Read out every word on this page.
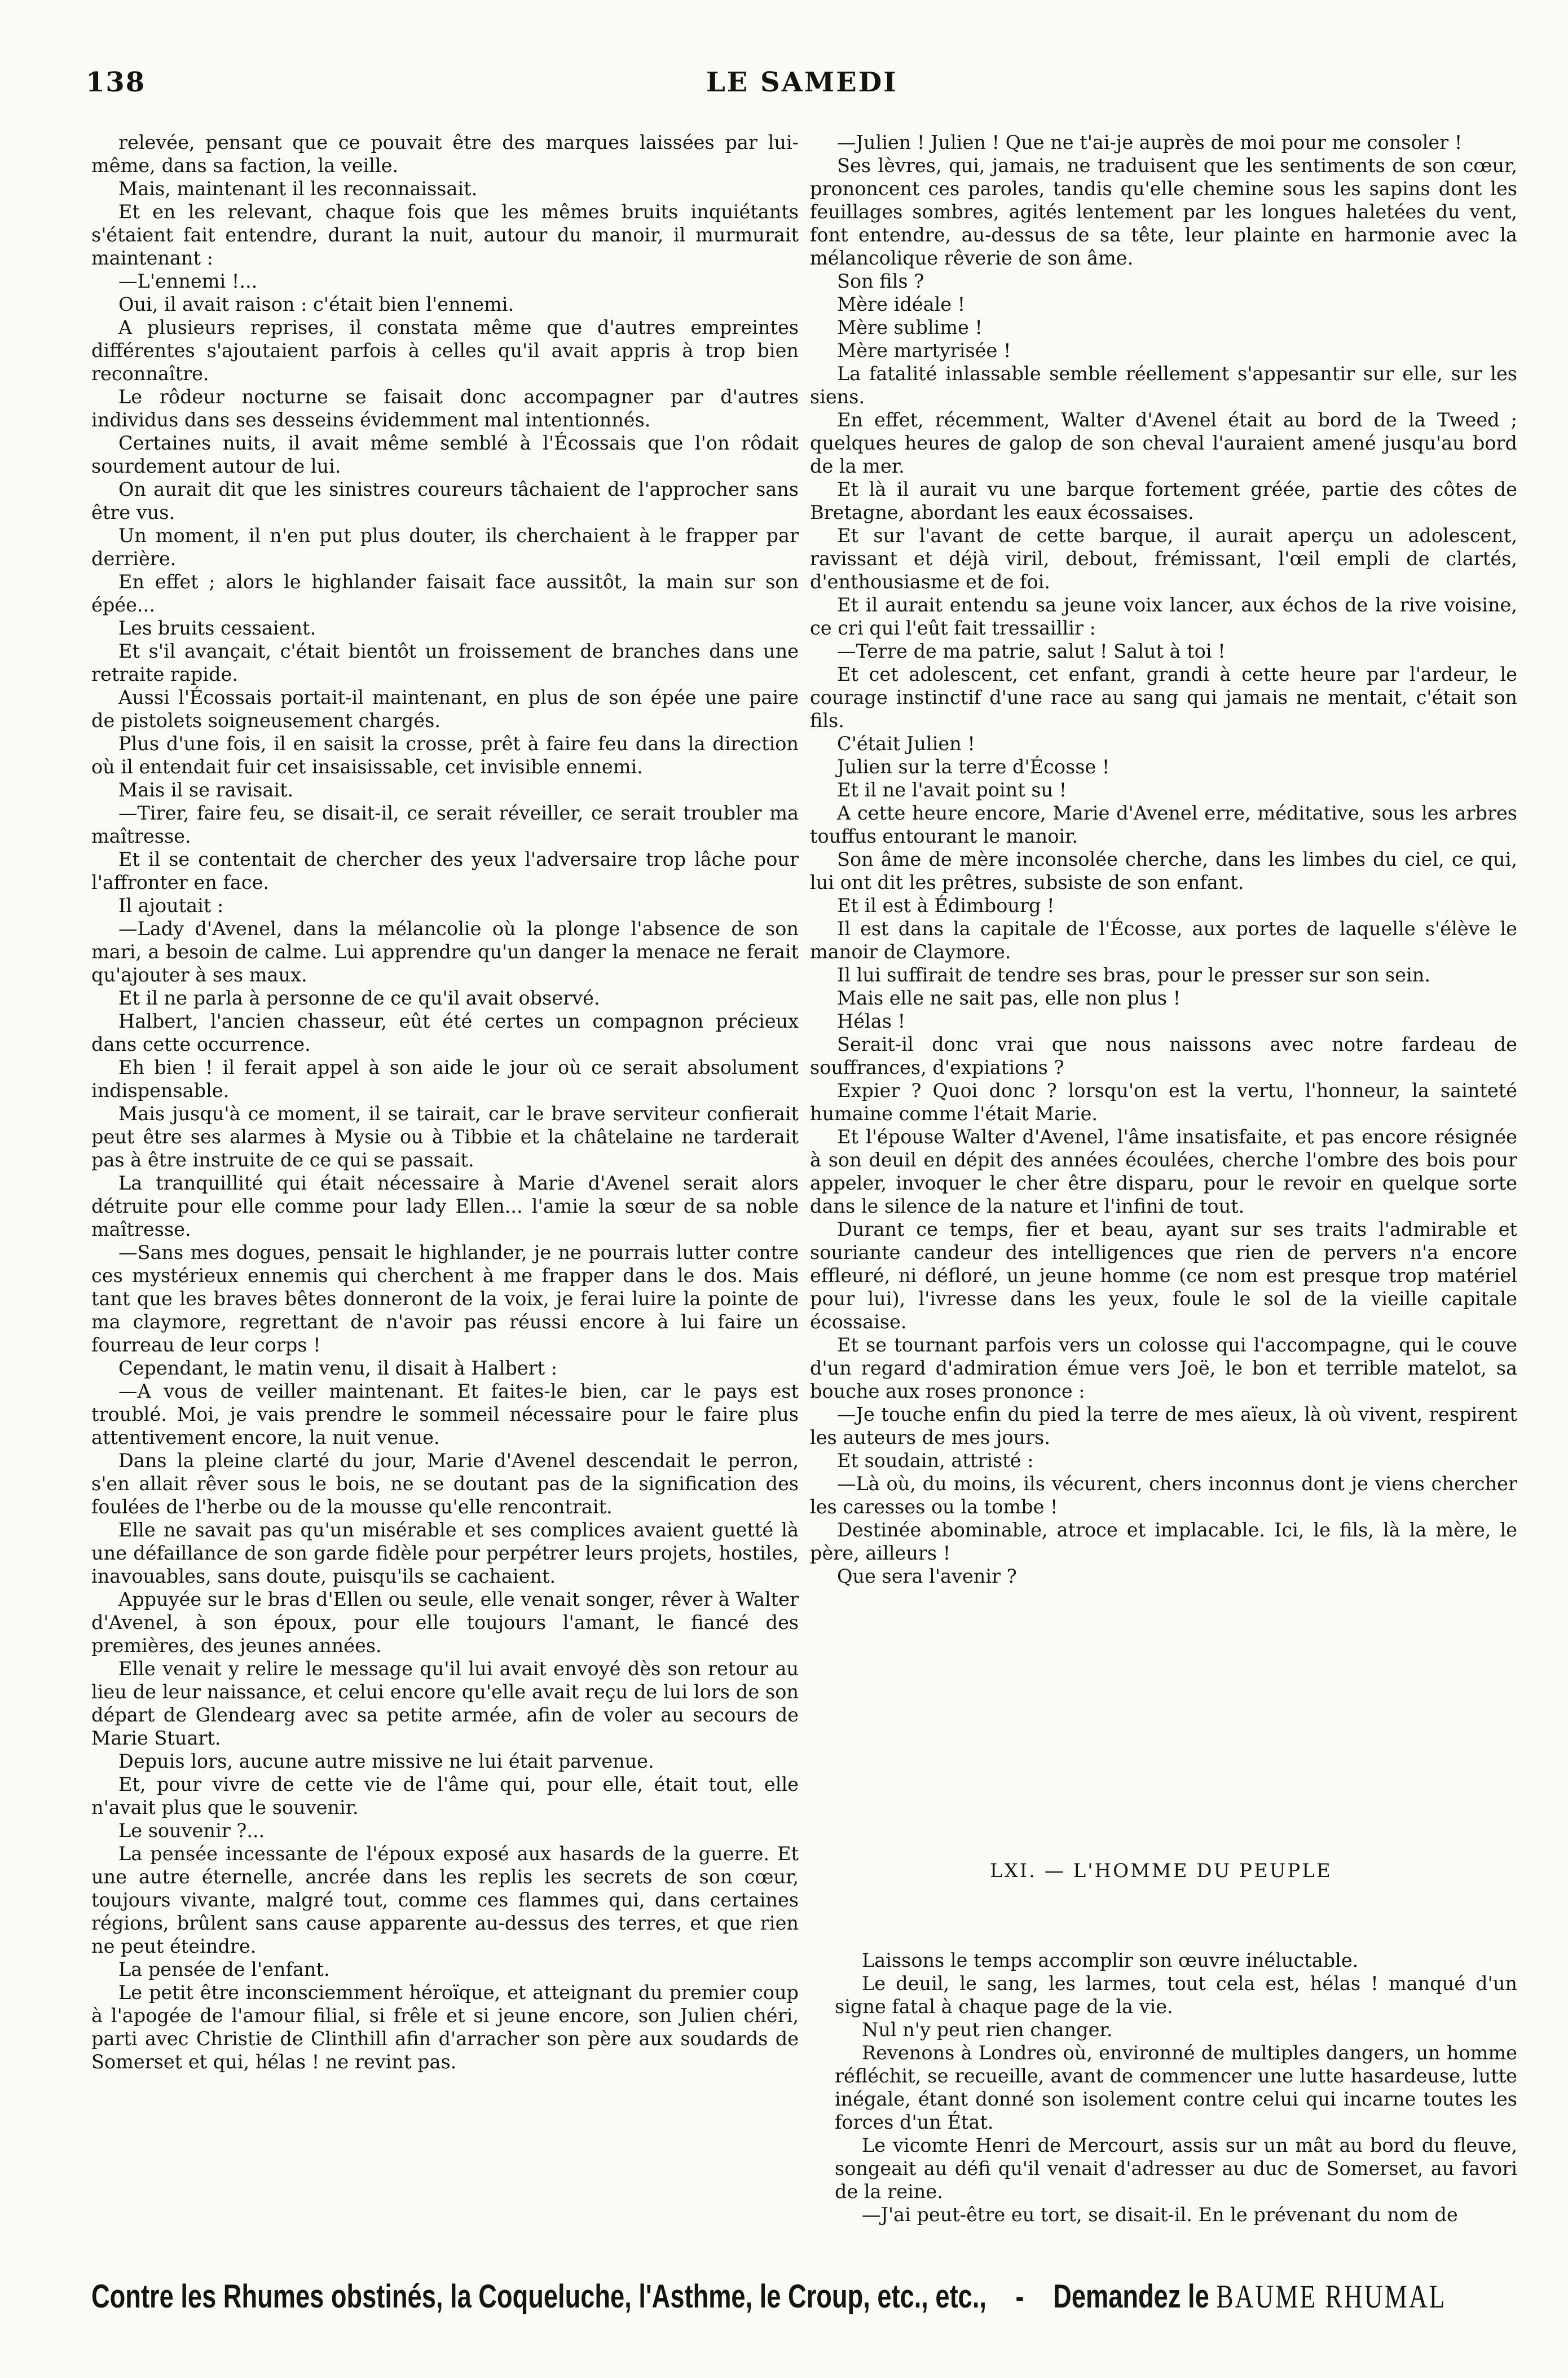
138	LE SAMEDI

relevée, pensant que ce pouvait être des marques laissées par lui-même, dans sa faction, la veille.

Mais, maintenant il les reconnaissait.

Et en les relevant, chaque fois que les mêmes bruits inquiétants s'étaient fait entendre, durant la nuit, autour du manoir, il murmurait maintenant :

—L'ennemi !...

Oui, il avait raison : c'était bien l'ennemi.

A plusieurs reprises, il constata même que d'autres empreintes différentes s'ajoutaient parfois à celles qu'il avait appris à trop bien reconnaître.

Le rôdeur nocturne se faisait donc accompagner par d'autres individus dans ses desseins évidemment mal intentionnés.

Certaines nuits, il avait même semblé à l'Écossais que l'on rôdait sourdement autour de lui.

On aurait dit que les sinistres coureurs tâchaient de l'approcher sans être vus.

Un moment, il n'en put plus douter, ils cherchaient à le frapper par derrière.

En effet ; alors le highlander faisait face aussitôt, la main sur son épée...

Les bruits cessaient.

Et s'il avançait, c'était bientôt un froissement de branches dans une retraite rapide.

Aussi l'Écossais portait-il maintenant, en plus de son épée une paire de pistolets soigneusement chargés.

Plus d'une fois, il en saisit la crosse, prêt à faire feu dans la direction où il entendait fuir cet insaisissable, cet invisible ennemi.

Mais il se ravisait.

—Tirer, faire feu, se disait-il, ce serait réveiller, ce serait troubler ma maîtresse.

Et il se contentait de chercher des yeux l'adversaire trop lâche pour l'affronter en face.

Il ajoutait :

—Lady d'Avenel, dans la mélancolie où la plonge l'absence de son mari, a besoin de calme. Lui apprendre qu'un danger la menace ne ferait qu'ajouter à ses maux.

Et il ne parla à personne de ce qu'il avait observé.

Halbert, l'ancien chasseur, eût été certes un compagnon précieux dans cette occurrence.

Eh bien ! il ferait appel à son aide le jour où ce serait absolument indispensable.

Mais jusqu'à ce moment, il se tairait, car le brave serviteur confierait peut être ses alarmes à Mysie ou à Tibbie et la châtelaine ne tarderait pas à être instruite de ce qui se passait.

La tranquillité qui était nécessaire à Marie d'Avenel serait alors détruite pour elle comme pour lady Ellen... l'amie la sœur de sa noble maîtresse.

—Sans mes dogues, pensait le highlander, je ne pourrais lutter contre ces mystérieux ennemis qui cherchent à me frapper dans le dos. Mais tant que les braves bêtes donneront de la voix, je ferai luire la pointe de ma claymore, regrettant de n'avoir pas réussi encore à lui faire un fourreau de leur corps !

Cependant, le matin venu, il disait à Halbert :

—A vous de veiller maintenant. Et faites-le bien, car le pays est troublé. Moi, je vais prendre le sommeil nécessaire pour le faire plus attentivement encore, la nuit venue.

Dans la pleine clarté du jour, Marie d'Avenel descendait le perron, s'en allait rêver sous le bois, ne se doutant pas de la signification des foulées de l'herbe ou de la mousse qu'elle rencontrait.

Elle ne savait pas qu'un misérable et ses complices avaient guetté là une défaillance de son garde fidèle pour perpétrer leurs projets, hostiles, inavouables, sans doute, puisqu'ils se cachaient.

Appuyée sur le bras d'Ellen ou seule, elle venait songer, rêver à Walter d'Avenel, à son époux, pour elle toujours l'amant, le fiancé des premières, des jeunes années.

Elle venait y relire le message qu'il lui avait envoyé dès son retour au lieu de leur naissance, et celui encore qu'elle avait reçu de lui lors de son départ de Glendearg avec sa petite armée, afin de voler au secours de Marie Stuart.

Depuis lors, aucune autre missive ne lui était parvenue.

Et, pour vivre de cette vie de l'âme qui, pour elle, était tout, elle n'avait plus que le souvenir.

Le souvenir ?...

La pensée incessante de l'époux exposé aux hasards de la guerre. Et une autre éternelle, ancrée dans les replis les secrets de son cœur, toujours vivante, malgré tout, comme ces flammes qui, dans certaines régions, brûlent sans cause apparente au-dessus des terres, et que rien ne peut éteindre.

La pensée de l'enfant.

Le petit être inconsciemment héroïque, et atteignant du premier coup à l'apogée de l'amour filial, si frêle et si jeune encore, son Julien chéri, parti avec Christie de Clinthill afin d'arracher son père aux soudards de Somerset et qui, hélas ! ne revint pas.

—Julien ! Julien ! Que ne t'ai-je auprès de moi pour me consoler !

Ses lèvres, qui, jamais, ne traduisent que les sentiments de son cœur, prononcent ces paroles, tandis qu'elle chemine sous les sapins dont les feuillages sombres, agités lentement par les longues haletées du vent, font entendre, au-dessus de sa tête, leur plainte en harmonie avec la mélancolique rêverie de son âme.

Son fils ?

Mère idéale !

Mère sublime !

Mère martyrisée !

La fatalité inlassable semble réellement s'appesantir sur elle, sur les siens.

En effet, récemment, Walter d'Avenel était au bord de la Tweed ; quelques heures de galop de son cheval l'auraient amené jusqu'au bord de la mer.

Et là il aurait vu une barque fortement gréée, partie des côtes de Bretagne, abordant les eaux écossaises.

Et sur l'avant de cette barque, il aurait aperçu un adolescent, ravissant et déjà viril, debout, frémissant, l'œil empli de clartés, d'enthousiasme et de foi.

Et il aurait entendu sa jeune voix lancer, aux échos de la rive voisine, ce cri qui l'eût fait tressaillir :

—Terre de ma patrie, salut ! Salut à toi !

Et cet adolescent, cet enfant, grandi à cette heure par l'ardeur, le courage instinctif d'une race au sang qui jamais ne mentait, c'était son fils.

C'était Julien !

Julien sur la terre d'Écosse !

Et il ne l'avait point su !

A cette heure encore, Marie d'Avenel erre, méditative, sous les arbres touffus entourant le manoir.

Son âme de mère inconsolée cherche, dans les limbes du ciel, ce qui, lui ont dit les prêtres, subsiste de son enfant.

Et il est à Édimbourg !

Il est dans la capitale de l'Écosse, aux portes de laquelle s'élève le manoir de Claymore.

Il lui suffirait de tendre ses bras, pour le presser sur son sein.

Mais elle ne sait pas, elle non plus !

Hélas !

Serait-il donc vrai que nous naissons avec notre fardeau de souffrances, d'expiations ?

Expier ? Quoi donc ? lorsqu'on est la vertu, l'honneur, la sainteté humaine comme l'était Marie.

Et l'épouse Walter d'Avenel, l'âme insatisfaite, et pas encore résignée à son deuil en dépit des années écoulées, cherche l'ombre des bois pour appeler, invoquer le cher être disparu, pour le revoir en quelque sorte dans le silence de la nature et l'infini de tout.

Durant ce temps, fier et beau, ayant sur ses traits l'admirable et souriante candeur des intelligences que rien de pervers n'a encore effleuré, ni défloré, un jeune homme (ce nom est presque trop matériel pour lui), l'ivresse dans les yeux, foule le sol de la vieille capitale écossaise.

Et se tournant parfois vers un colosse qui l'accompagne, qui le couve d'un regard d'admiration émue vers Joë, le bon et terrible matelot, sa bouche aux roses prononce :

—Je touche enfin du pied la terre de mes aïeux, là où vivent, respirent les auteurs de mes jours.

Et soudain, attristé :

—Là où, du moins, ils vécurent, chers inconnus dont je viens chercher les caresses ou la tombe !

Destinée abominable, atroce et implacable. Ici, le fils, là la mère, le père, ailleurs !

Que sera l'avenir ?

LXI. — L'HOMME DU PEUPLE

Laissons le temps accomplir son œuvre inéluctable.

Le deuil, le sang, les larmes, tout cela est, hélas ! manqué d'un signe fatal à chaque page de la vie.

Nul n'y peut rien changer.

Revenons à Londres où, environné de multiples dangers, un homme réfléchit, se recueille, avant de commencer une lutte hasardeuse, lutte inégale, étant donné son isolement contre celui qui incarne toutes les forces d'un État.

Le vicomte Henri de Mercourt, assis sur un mât au bord du fleuve, songeait au défi qu'il venait d'adresser au duc de Somerset, au favori de la reine.

—J'ai peut-être eu tort, se disait-il. En le prévenant du nom de

Contre les Rhumes obstinés, la Coqueluche, l'Asthme, le Croup, etc., etc., - Demandez le BAUME RHUMAL
